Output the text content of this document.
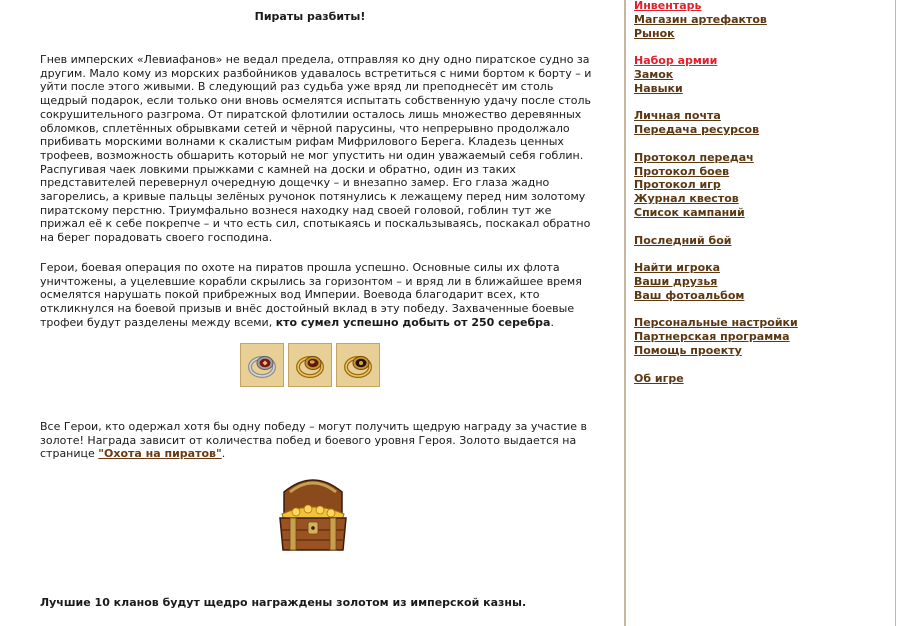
Пираты разбиты!

Гнев имперских «Левиафанов» не ведал предела, отправляя ко дну одно пиратское судно за другим. Мало кому из морских разбойников удавалось встретиться с ними бортом к борту – и уйти после этого живыми. В следующий раз судьба уже вряд ли преподнесёт им столь щедрый подарок, если только они вновь осмелятся испытать собственную удачу после столь сокрушительного разгрома. От пиратской флотилии осталось лишь множество деревянных обломков, сплетённых обрывками сетей и чёрной парусины, что непрерывно продолжало прибивать морскими волнами к скалистым рифам Мифрилового Берега. Кладезь ценных трофеев, возможность обшарить который не мог упустить ни один уважаемый себя гоблин. Распугивая чаек ловкими прыжками с камней на доски и обратно, один из таких представителей перевернул очередную дощечку – и внезапно замер. Его глаза жадно загорелись, а кривые пальцы зелёных ручонок потянулись к лежащему перед ним золотому пиратскому перстню. Триумфально вознеся находку над своей головой, гоблин тут же прижал её к себе покрепче – и что есть сил, спотыкаясь и поскальзываясь, поскакал обратно на берег порадовать своего господина.

Герои, боевая операция по охоте на пиратов прошла успешно. Основные силы их флота уничтожены, а уцелевшие корабли скрылись за горизонтом – и вряд ли в ближайшее время осмелятся нарушать покой прибрежных вод Империи. Воевода благодарит всех, кто откликнулся на боевой призыв и внёс достойный вклад в эту победу. Захваченные боевые трофеи будут разделены между всеми, кто сумел успешно добыть от 250 серебра.

Все Герои, кто одержал хотя бы одну победу – могут получить щедрую награду за участие в золоте! Награда зависит от количества побед и боевого уровня Героя. Золото выдается на странице "Охота на пиратов".

Лучшие 10 кланов будут щедро награждены золотом из имперской казны.

Инвентарь
Магазин артефактов
Рынок
Набор армии
Замок
Навыки
Личная почта
Передача ресурсов
Протокол передач
Протокол боев
Протокол игр
Журнал квестов
Список кампаний
Последний бой
Найти игрока
Ваши друзья
Ваш фотоальбом
Персональные настройки
Партнерская программа
Помощь проекту
Об игре
